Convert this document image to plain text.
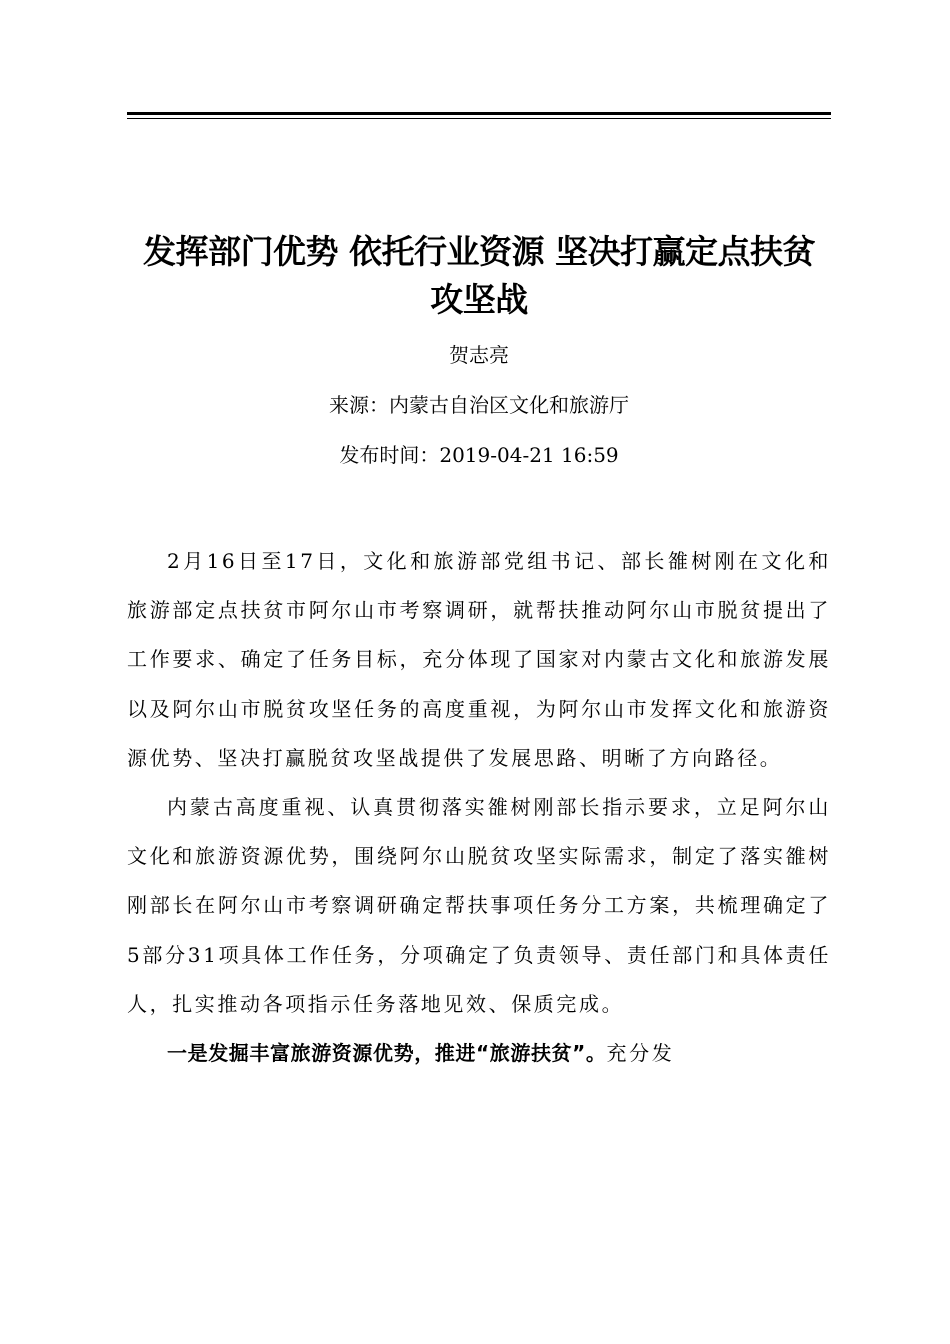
发挥部门优势 依托行业资源 坚决打赢定点扶贫攻坚战

贺志亮

来源：内蒙古自治区文化和旅游厅

发布时间：2019-04-21 16:59

2月16日至17日，文化和旅游部党组书记、部长雒树刚在文化和旅游部定点扶贫市阿尔山市考察调研，就帮扶推动阿尔山市脱贫提出了工作要求、确定了任务目标，充分体现了国家对内蒙古文化和旅游发展以及阿尔山市脱贫攻坚任务的高度重视，为阿尔山市发挥文化和旅游资源优势、坚决打赢脱贫攻坚战提供了发展思路、明晰了方向路径。

内蒙古高度重视、认真贯彻落实雒树刚部长指示要求，立足阿尔山文化和旅游资源优势，围绕阿尔山脱贫攻坚实际需求，制定了落实雒树刚部长在阿尔山市考察调研确定帮扶事项任务分工方案，共梳理确定了5部分31项具体工作任务，分项确定了负责领导、责任部门和具体责任人，扎实推动各项指示任务落地见效、保质完成。

一是发掘丰富旅游资源优势，推进“旅游扶贫”。充分发
